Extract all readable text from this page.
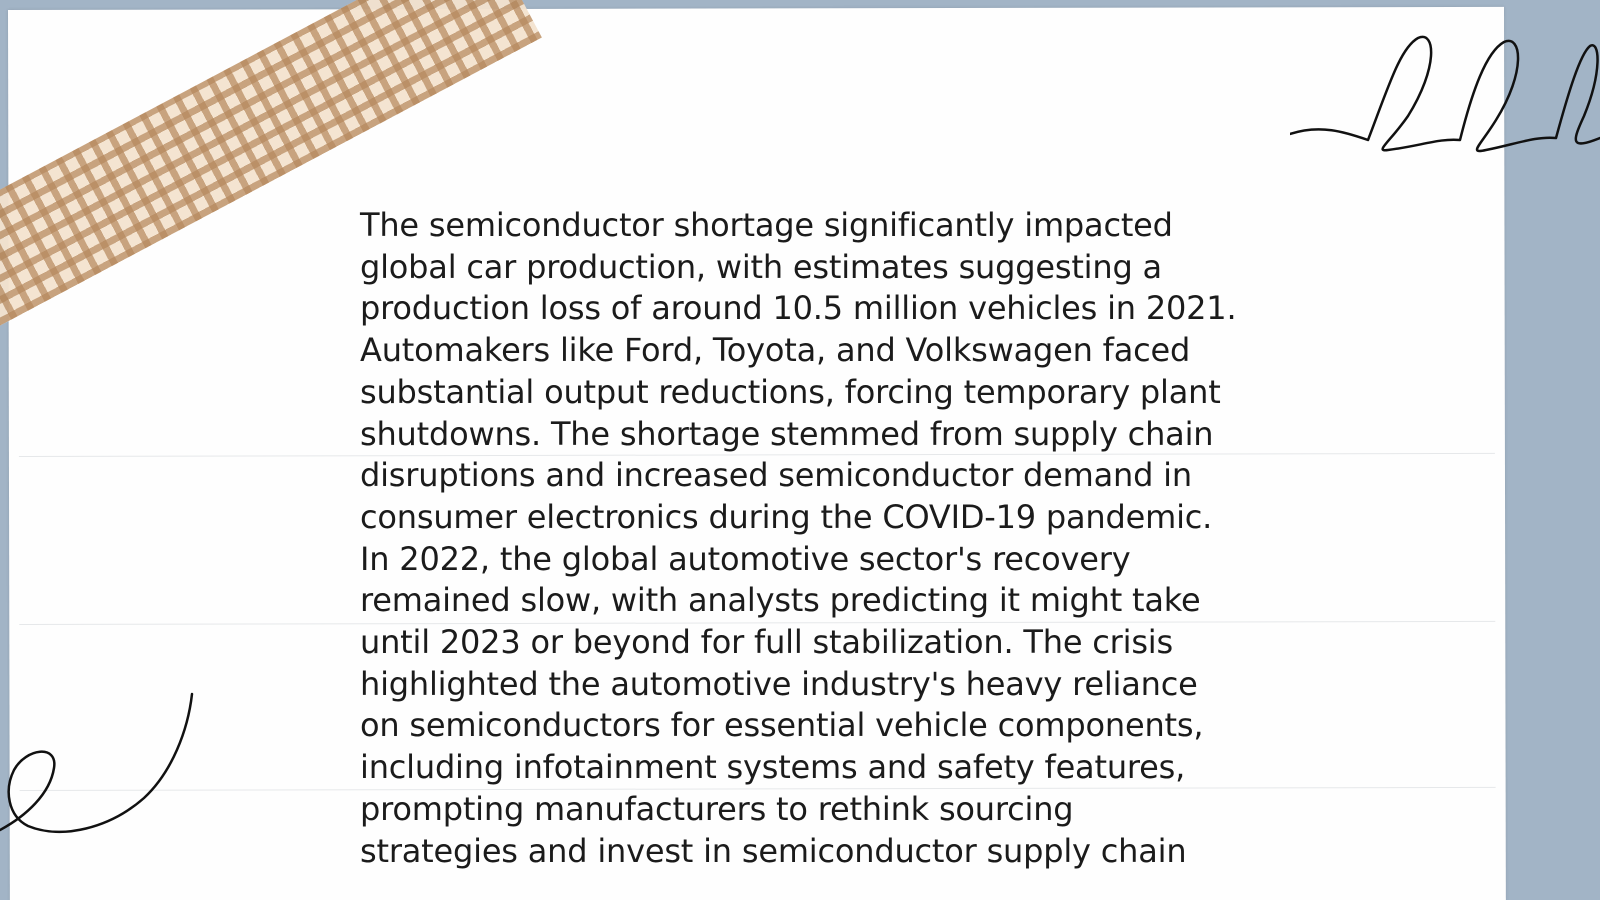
The semiconductor shortage significantly impacted global car production, with estimates suggesting a production loss of around 10.5 million vehicles in 2021. Automakers like Ford, Toyota, and Volkswagen faced substantial output reductions, forcing temporary plant shutdowns. The shortage stemmed from supply chain disruptions and increased semiconductor demand in consumer electronics during the COVID-19 pandemic. In 2022, the global automotive sector's recovery remained slow, with analysts predicting it might take until 2023 or beyond for full stabilization. The crisis highlighted the automotive industry's heavy reliance on semiconductors for essential vehicle components, including infotainment systems and safety features, prompting manufacturers to rethink sourcing strategies and invest in semiconductor supply chain
